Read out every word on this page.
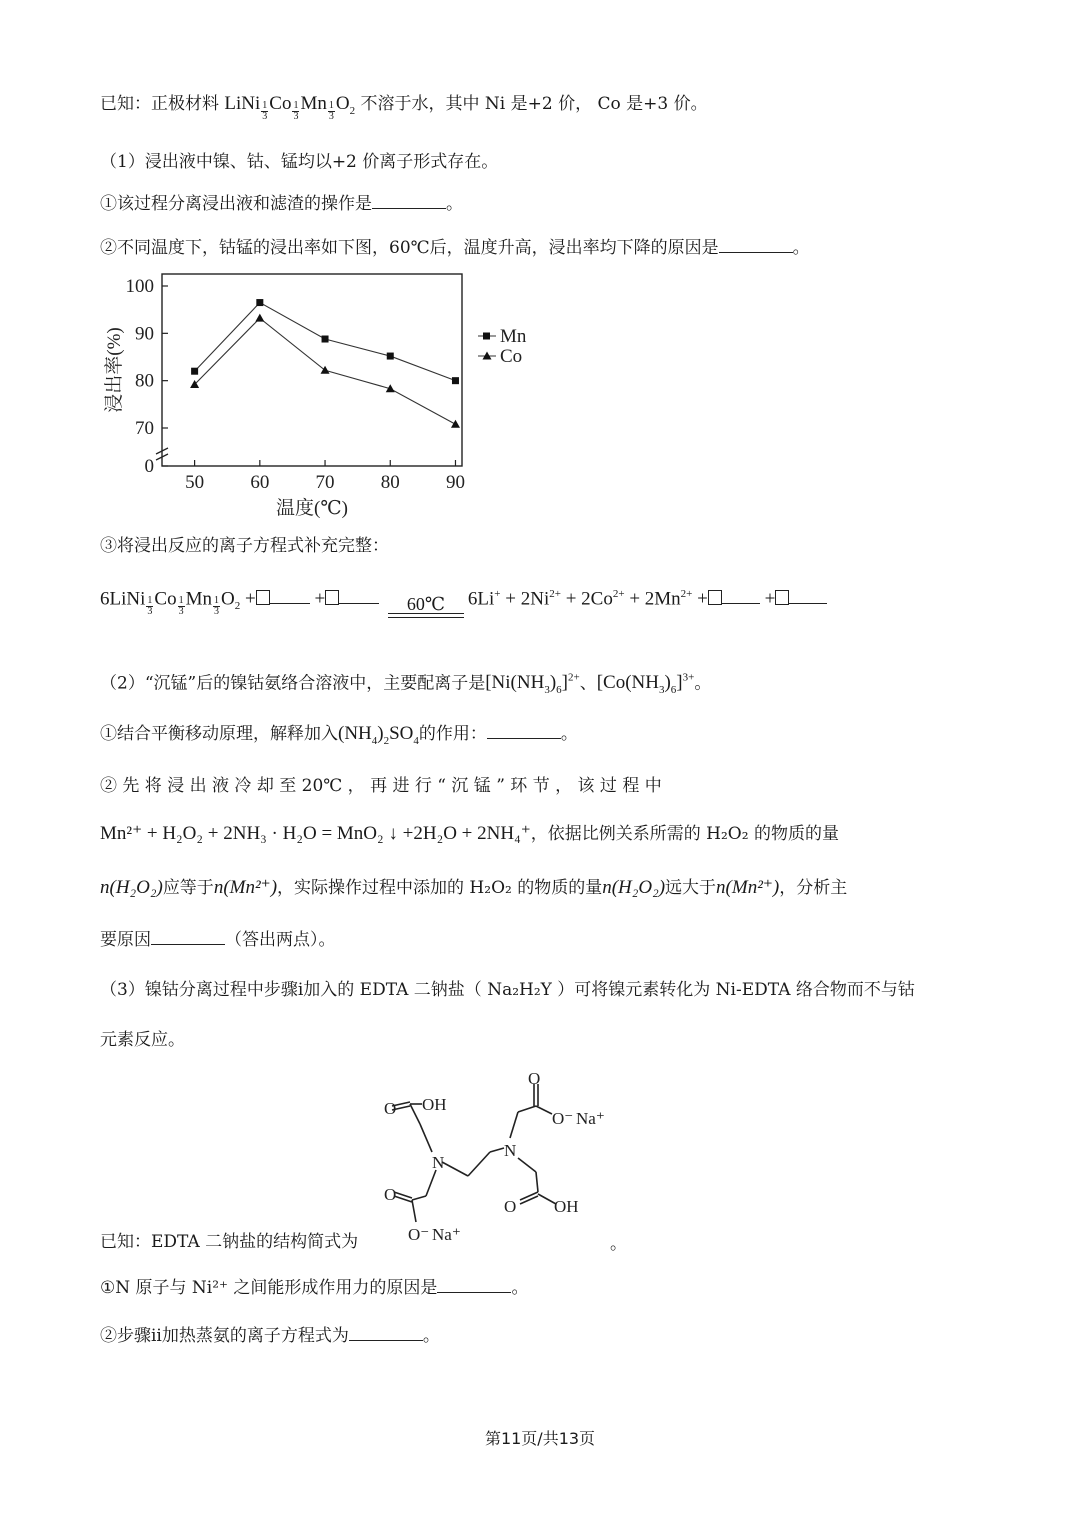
已知：正极材料 LiNi $\frac{1}{3}$ Co $\frac{1}{3}$ Mn $\frac{1}{3} O_2$ 不溶于水，其中 Ni 是+2 价， Co 是+3 价。
（1）浸出液中镍、钴、锰均以+2 价离子形式存在。
①该过程分离浸出液和滤渣的操作是	。
②不同温度下，钴锰的浸出率如下图，60℃后，温度升高，浸出率均下降的原因是	。
100
90
80
70
0
50 60 70 80 90
温度(℃)
浸出率(%)	Mn
Co
③将浸出反应的离子方程式补充完整：
6LiNi $\frac{1}{3}$ Co $\frac{1}{3}$ Mn $\frac{1}{3} O_2$ +	+	60℃	$6Li^+ + 2Ni^{2+} + 2Co^{2+} + 2Mn^{2+}$ +	+
（2）“沉锰”后的镍钴氨络合溶液中，主要配离子是$[Ni(NH_3)_6]^{2+}$、$[Co(NH_3)_6]^{3+}$。
①结合平衡移动原理，解释加入$(NH_4)_2SO_4$的作用：	。
② 先 将 浸 出 液 冷 却 至 20℃ ， 再 进 行 “ 沉 锰 ” 环 节 ， 该 过 程 中
Mn²⁺ + H₂O₂ + 2NH₃ · H₂O = MnO₂ ↓ +2H₂O + 2NH₄⁺，依据比例关系所需的 H₂O₂ 的物质的量
n(H₂O₂)应等于n(Mn²⁺)，实际操作过程中添加的 H₂O₂ 的物质的量n(H₂O₂)远大于n(Mn²⁺)，分析主
要原因	（答出两点）。
（3）镍钴分离过程中步骤i加入的 EDTA 二钠盐（ Na₂H₂Y ）可将镍元素转化为 Ni-EDTA 络合物而不与钴
元素反应。
已知：EDTA 二钠盐的结构简式为	。
O OH
N
N
O
O⁻ Na⁺
O
O⁻ Na⁺
O OH
①N 原子与 Ni²⁺ 之间能形成作用力的原因是	。
②步骤ii加热蒸氨的离子方程式为	。
第11页/共13页
